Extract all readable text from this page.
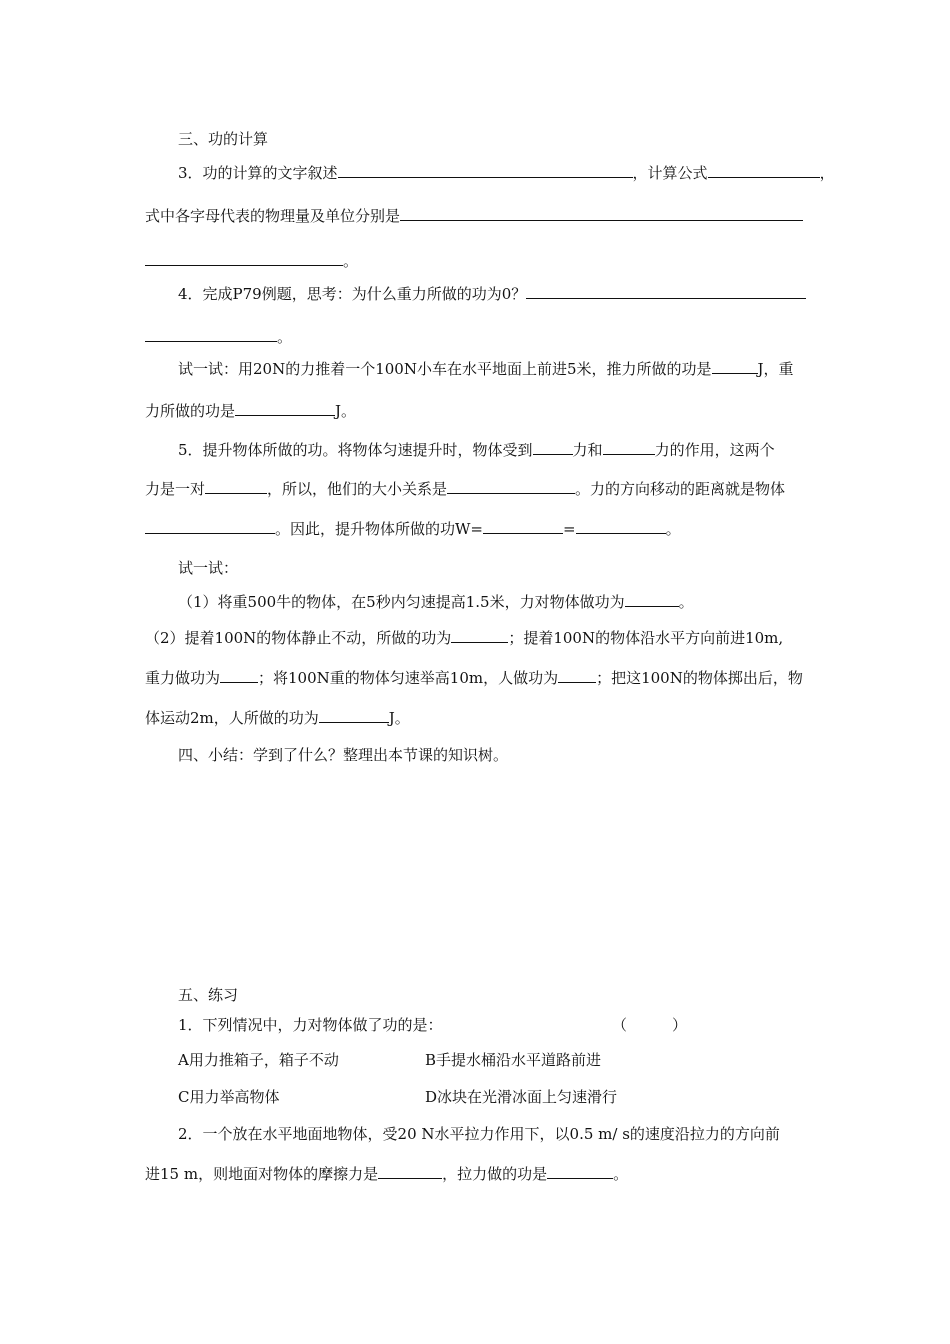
三、功的计算
3．功的计算的文字叙述	，计算公式	，
式中各字母代表的物理量及单位分别是
。
4．完成P79例题，思考：为什么重力所做的功为0？
。
试一试：用20N的力推着一个100N小车在水平地面上前进5米，推力所做的功是	J，重
力所做的功是	J。
5．提升物体所做的功。将物体匀速提升时，物体受到	力和	力的作用，这两个
力是一对	，所以，他们的大小关系是	。力的方向移动的距离就是物体
。因此，提升物体所做的功W=	=	。
试一试：
（1）将重500牛的物体，在5秒内匀速提高1.5米，力对物体做功为	。
（2）提着100N的物体静止不动，所做的功为	；提着100N的物体沿水平方向前进10m,
重力做功为	；将100N重的物体匀速举高10m，人做功为	；把这100N的物体掷出后，物
体运动2m，人所做的功为	J。
四、小结：学到了什么？整理出本节课的知识树。
五、练习
1．下列情况中，力对物体做了功的是：	（　　　）
A用力推箱子，箱子不动	B手提水桶沿水平道路前进
C用力举高物体	D冰块在光滑冰面上匀速滑行
2．一个放在水平地面地物体，受20 N水平拉力作用下，以0.5 m/ s的速度沿拉力的方向前
进15 m，则地面对物体的摩擦力是	，拉力做的功是	。
